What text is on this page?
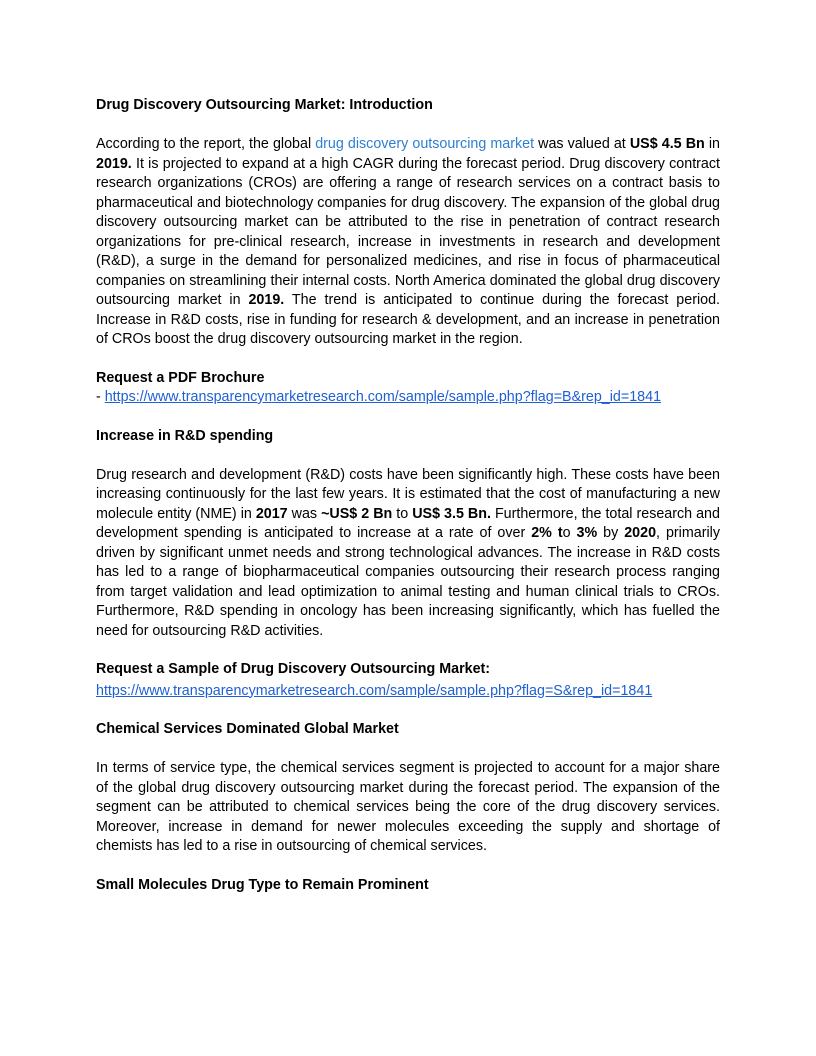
Drug Discovery Outsourcing Market: Introduction

According to the report, the global drug discovery outsourcing market was valued at US$ 4.5 Bn in 2019. It is projected to expand at a high CAGR during the forecast period. Drug discovery contract research organizations (CROs) are offering a range of research services on a contract basis to pharmaceutical and biotechnology companies for drug discovery. The expansion of the global drug discovery outsourcing market can be attributed to the rise in penetration of contract research organizations for pre-clinical research, increase in investments in research and development (R&D), a surge in the demand for personalized medicines, and rise in focus of pharmaceutical companies on streamlining their internal costs. North America dominated the global drug discovery outsourcing market in 2019. The trend is anticipated to continue during the forecast period. Increase in R&D costs, rise in funding for research & development, and an increase in penetration of CROs boost the drug discovery outsourcing market in the region.

Request a PDF Brochure

- https://www.transparencymarketresearch.com/sample/sample.php?flag=B&rep_id=1841

Increase in R&D spending

Drug research and development (R&D) costs have been significantly high. These costs have been increasing continuously for the last few years. It is estimated that the cost of manufacturing a new molecule entity (NME) in 2017 was ~US$ 2 Bn to US$ 3.5 Bn. Furthermore, the total research and development spending is anticipated to increase at a rate of over 2% to 3% by 2020, primarily driven by significant unmet needs and strong technological advances. The increase in R&D costs has led to a range of biopharmaceutical companies outsourcing their research process ranging from target validation and lead optimization to animal testing and human clinical trials to CROs. Furthermore, R&D spending in oncology has been increasing significantly, which has fuelled the need for outsourcing R&D activities.

Request a Sample of Drug Discovery Outsourcing Market:

https://www.transparencymarketresearch.com/sample/sample.php?flag=S&rep_id=1841

Chemical Services Dominated Global Market

In terms of service type, the chemical services segment is projected to account for a major share of the global drug discovery outsourcing market during the forecast period. The expansion of the segment can be attributed to chemical services being the core of the drug discovery services. Moreover, increase in demand for newer molecules exceeding the supply and shortage of chemists has led to a rise in outsourcing of chemical services.

Small Molecules Drug Type to Remain Prominent
